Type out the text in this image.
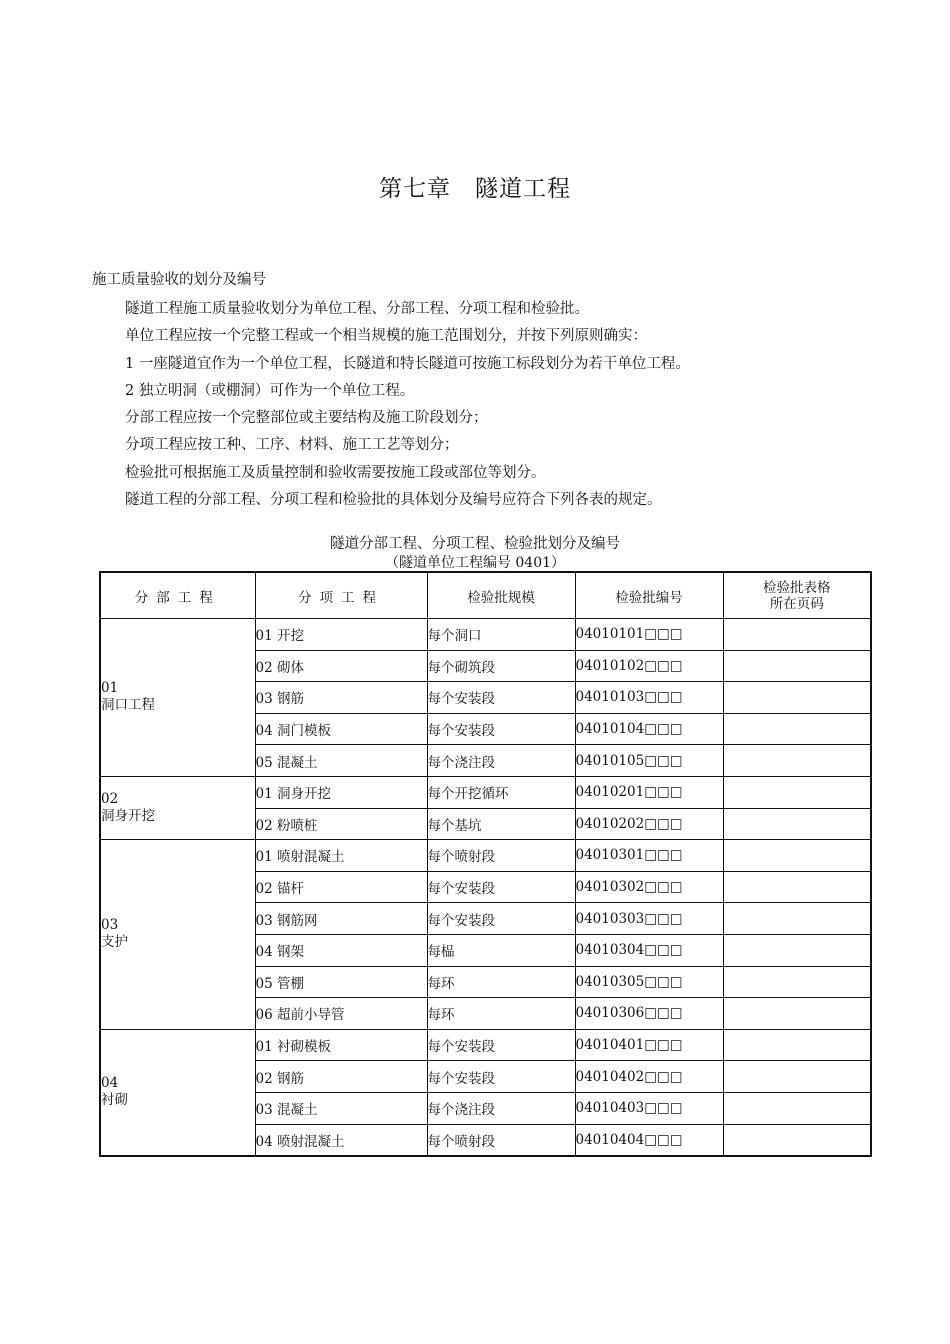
第七章　隧道工程
施工质量验收的划分及编号

隧道工程施工质量验收划分为单位工程、分部工程、分项工程和检验批。

单位工程应按一个完整工程或一个相当规模的施工范围划分，并按下列原则确实：

1 一座隧道宜作为一个单位工程，长隧道和特长隧道可按施工标段划分为若干单位工程。

2 独立明洞（或棚洞）可作为一个单位工程。

分部工程应按一个完整部位或主要结构及施工阶段划分；

分项工程应按工种、工序、材料、施工工艺等划分；

检验批可根据施工及质量控制和验收需要按施工段或部位等划分。

隧道工程的分部工程、分项工程和检验批的具体划分及编号应符合下列各表的规定。

隧道分部工程、分项工程、检验批划分及编号

（隧道单位工程编号 0401）

分部工程	分项工程	检验批规模	检验批编号	检验批表格
所在页码

01
洞口工程	01 开挖	每个洞口	04010101□□□	
	02 砌体	每个砌筑段	04010102□□□	
	03 钢筋	每个安装段	04010103□□□	
	04 洞门模板	每个安装段	04010104□□□	
	05 混凝土	每个浇注段	04010105□□□	

02
洞身开挖	01 洞身开挖	每个开挖循环	04010201□□□	
	02 粉喷桩	每个基坑	04010202□□□	

03
支护	01 喷射混凝土	每个喷射段	04010301□□□	
	02 锚杆	每个安装段	04010302□□□	
	03 钢筋网	每个安装段	04010303□□□	
	04 钢架	每榀	04010304□□□	
	05 管棚	每环	04010305□□□	
	06 超前小导管	每环	04010306□□□	

04
衬砌	01 衬砌模板	每个安装段	04010401□□□	
	02 钢筋	每个安装段	04010402□□□	
	03 混凝土	每个浇注段	04010403□□□	
	04 喷射混凝土	每个喷射段	04010404□□□	
